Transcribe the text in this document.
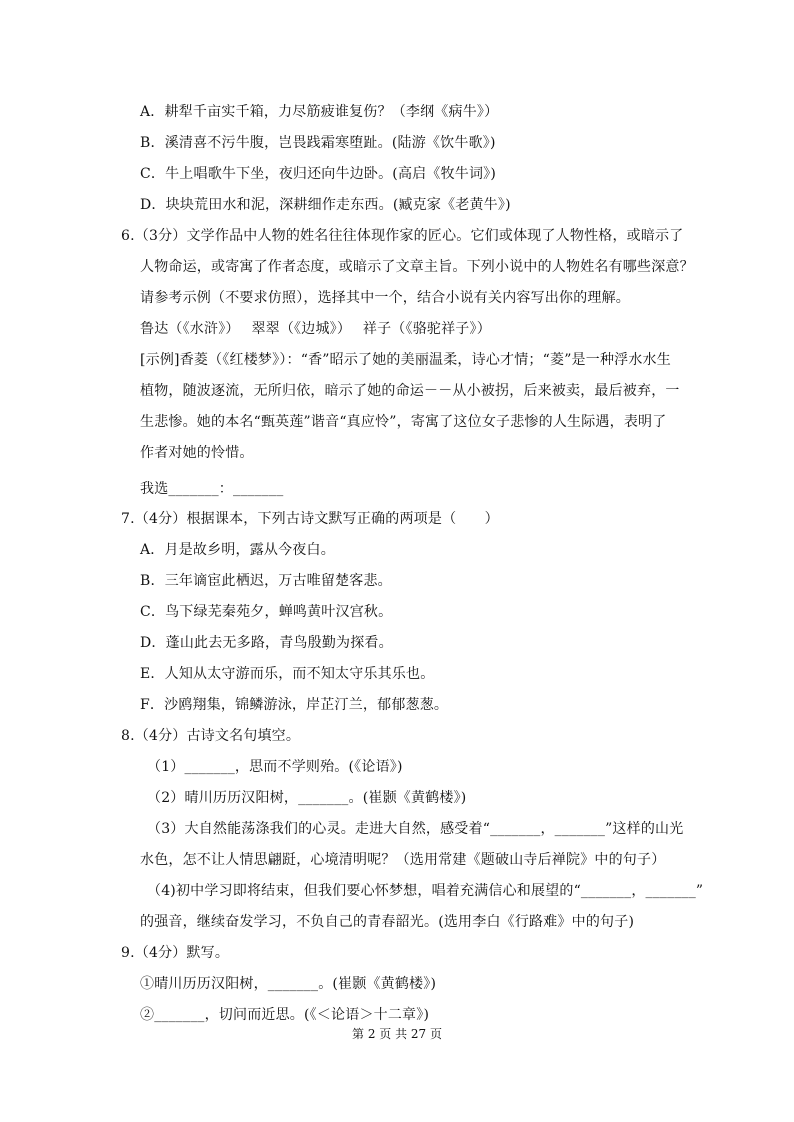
A．耕犁千亩实千箱，力尽筋疲谁复伤？（李纲《病牛》）
B．溪清喜不污牛腹，岂畏践霜寒堕趾。(陆游《饮牛歌》)
C．牛上唱歌牛下坐，夜归还向牛边卧。(高启《牧牛词》)
D．块块荒田水和泥，深耕细作走东西。(臧克家《老黄牛》)
6.（3分）文学作品中人物的姓名往往体现作家的匠心。它们或体现了人物性格，或暗示了
人物命运，或寄寓了作者态度，或暗示了文章主旨。下列小说中的人物姓名有哪些深意？
请参考示例（不要求仿照），选择其中一个，结合小说有关内容写出你的理解。
鲁达（《水浒》）　 翠翠（《边城》）　 祥子（《骆驼祥子》）
[示例]香菱（《红楼梦》）：“香”昭示了她的美丽温柔，诗心才情；“菱”是一种浮水水生
植物，随波逐流，无所归依，暗示了她的命运－－从小被拐，后来被卖，最后被弃，一
生悲惨。她的本名“甄英莲”谐音“真应怜”，寄寓了这位女子悲惨的人生际遇，表明了
作者对她的怜惜。
我选_______：_______
7.（4分）根据课本，下列古诗文默写正确的两项是（　　）
A．月是故乡明，露从今夜白。
B．三年谪宦此栖迟，万古唯留楚客悲。
C．鸟下绿芜秦苑夕，蝉鸣黄叶汉宫秋。
D．蓬山此去无多路，青鸟殷勤为探看。
E．人知从太守游而乐，而不知太守乐其乐也。
F．沙鸥翔集，锦鳞游泳，岸芷汀兰，郁郁葱葱。
8.（4分）古诗文名句填空。
（1）_______，思而不学则殆。(《论语》)
（2）晴川历历汉阳树，_______。(崔颢《黄鹤楼》)
（3）大自然能荡涤我们的心灵。走进大自然，感受着“_______，_______”这样的山光
水色，怎不让人情思翩跹，心境清明呢？（选用常建《题破山寺后禅院》中的句子）
（4)初中学习即将结束，但我们要心怀梦想，唱着充满信心和展望的“_______，_______”
的强音，继续奋发学习，不负自己的青春韶光。(选用李白《行路难》中的句子)
9.（4分）默写。
①晴川历历汉阳树，_______。(崔颢《黄鹤楼》)
②_______，切问而近思。(《＜论语＞十二章》)
第 2 页 共 27 页
